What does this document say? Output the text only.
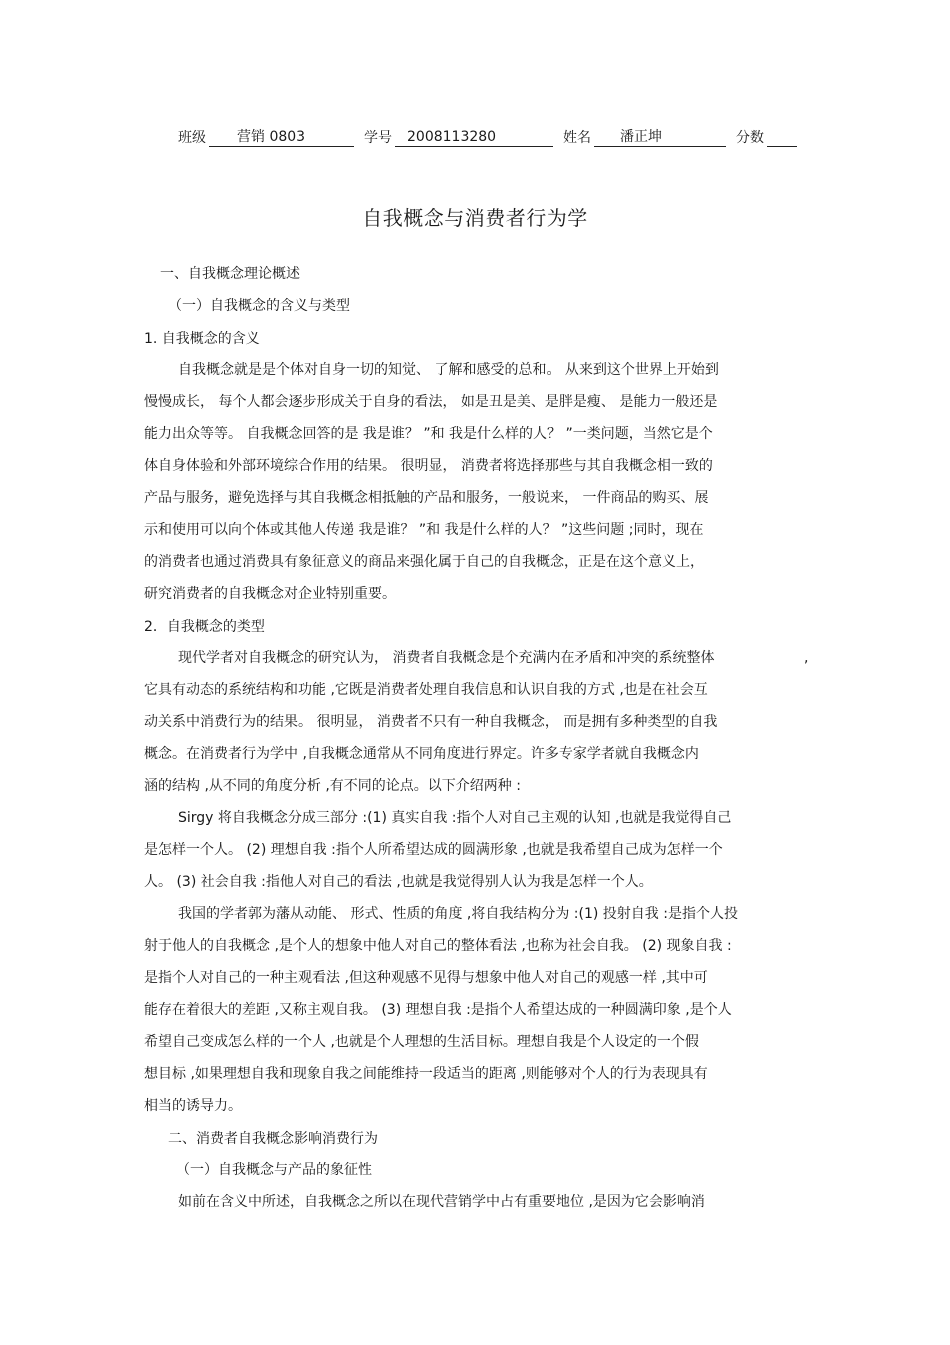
班级	营销 0803	学号	2008113280	姓名	潘正坤	分数
自我概念与消费者行为学
一、自我概念理论概述
（一）自我概念的含义与类型
1. 自我概念的含义
自我概念就是是个体对自身一切的知觉、 了解和感受的总和。 从来到这个世界上开始到
慢慢成长， 每个人都会逐步形成关于自身的看法， 如是丑是美、是胖是瘦、 是能力一般还是
能力出众等等。 自我概念回答的是 我是谁？ ”和 我是什么样的人？ ”一类问题，当然它是个
体自身体验和外部环境综合作用的结果。 很明显， 消费者将选择那些与其自我概念相一致的
产品与服务，避免选择与其自我概念相抵触的产品和服务，一般说来， 一件商品的购买、展
示和使用可以向个体或其他人传递 我是谁？ ”和 我是什么样的人？ ”这些问题 ;同时，现在
的消费者也通过消费具有象征意义的商品来强化属于自己的自我概念，正是在这个意义上，
研究消费者的自我概念对企业特别重要。
2．自我概念的类型
现代学者对自我概念的研究认为， 消费者自我概念是个充满内在矛盾和冲突的系统整体	,
它具有动态的系统结构和功能 ,它既是消费者处理自我信息和认识自我的方式 ,也是在社会互
动关系中消费行为的结果。 很明显， 消费者不只有一种自我概念， 而是拥有多种类型的自我
概念。在消费者行为学中 ,自我概念通常从不同角度进行界定。许多专家学者就自我概念内
涵的结构 ,从不同的角度分析 ,有不同的论点。以下介绍两种 :
Sirgy 将自我概念分成三部分 :(1) 真实自我 :指个人对自己主观的认知 ,也就是我觉得自己
是怎样一个人。 (2) 理想自我 :指个人所希望达成的圆满形象 ,也就是我希望自己成为怎样一个
人。 (3) 社会自我 :指他人对自己的看法 ,也就是我觉得别人认为我是怎样一个人。
我国的学者郭为藩从动能、 形式、性质的角度 ,将自我结构分为 :(1) 投射自我 :是指个人投
射于他人的自我概念 ,是个人的想象中他人对自己的整体看法 ,也称为社会自我。 (2) 现象自我 :
是指个人对自己的一种主观看法 ,但这种观感不见得与想象中他人对自己的观感一样 ,其中可
能存在着很大的差距 ,又称主观自我。 (3) 理想自我 :是指个人希望达成的一种圆满印象 ,是个人
希望自己变成怎么样的一个人 ,也就是个人理想的生活目标。理想自我是个人设定的一个假
想目标 ,如果理想自我和现象自我之间能维持一段适当的距离 ,则能够对个人的行为表现具有
相当的诱导力。
二、消费者自我概念影响消费行为
（一）自我概念与产品的象征性
如前在含义中所述，自我概念之所以在现代营销学中占有重要地位 ,是因为它会影响消
